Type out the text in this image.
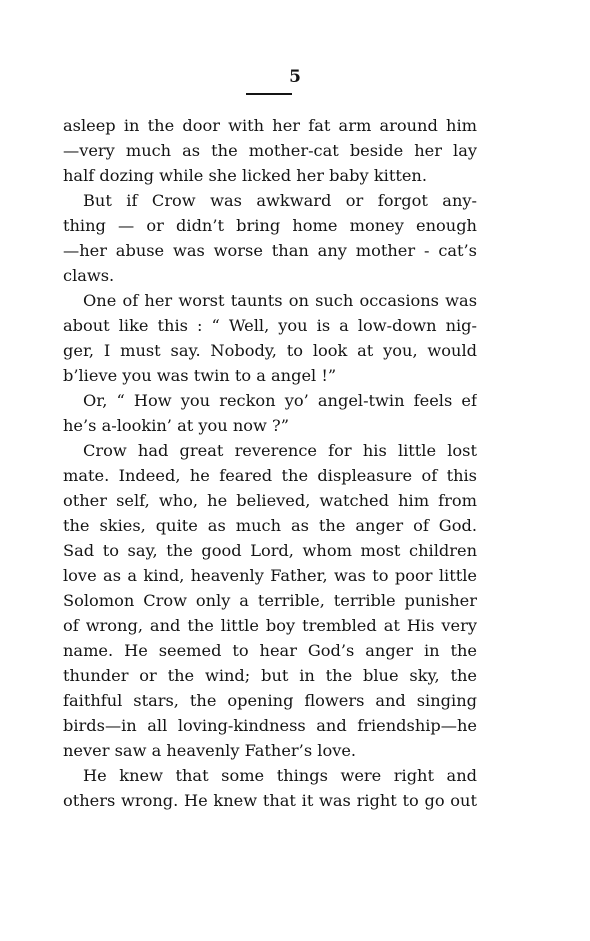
5
asleep in the door with her fat arm around him
—very much as the mother-cat beside her lay
half dozing while she licked her baby kitten.
But if Crow was awkward or forgot any-
thing — or didn’t bring home money enough
—her abuse was worse than any mother - cat’s
claws.
One of her worst taunts on such occasions was
about like this : “ Well, you is a low-down nig-
ger, I must say. Nobody, to look at you, would
b’lieve you was twin to a angel !”
Or, “ How you reckon yo’ angel-twin feels ef
he’s a-lookin’ at you now ?”
Crow had great reverence for his little lost
mate. Indeed, he feared the displeasure of this
other self, who, he believed, watched him from
the skies, quite as much as the anger of God.
Sad to say, the good Lord, whom most children
love as a kind, heavenly Father, was to poor little
Solomon Crow only a terrible, terrible punisher
of wrong, and the little boy trembled at His very
name. He seemed to hear God’s anger in the
thunder or the wind; but in the blue sky, the
faithful stars, the opening flowers and singing
birds—in all loving-kindness and friendship—he
never saw a heavenly Father’s love.
He knew that some things were right and
others wrong. He knew that it was right to go out
